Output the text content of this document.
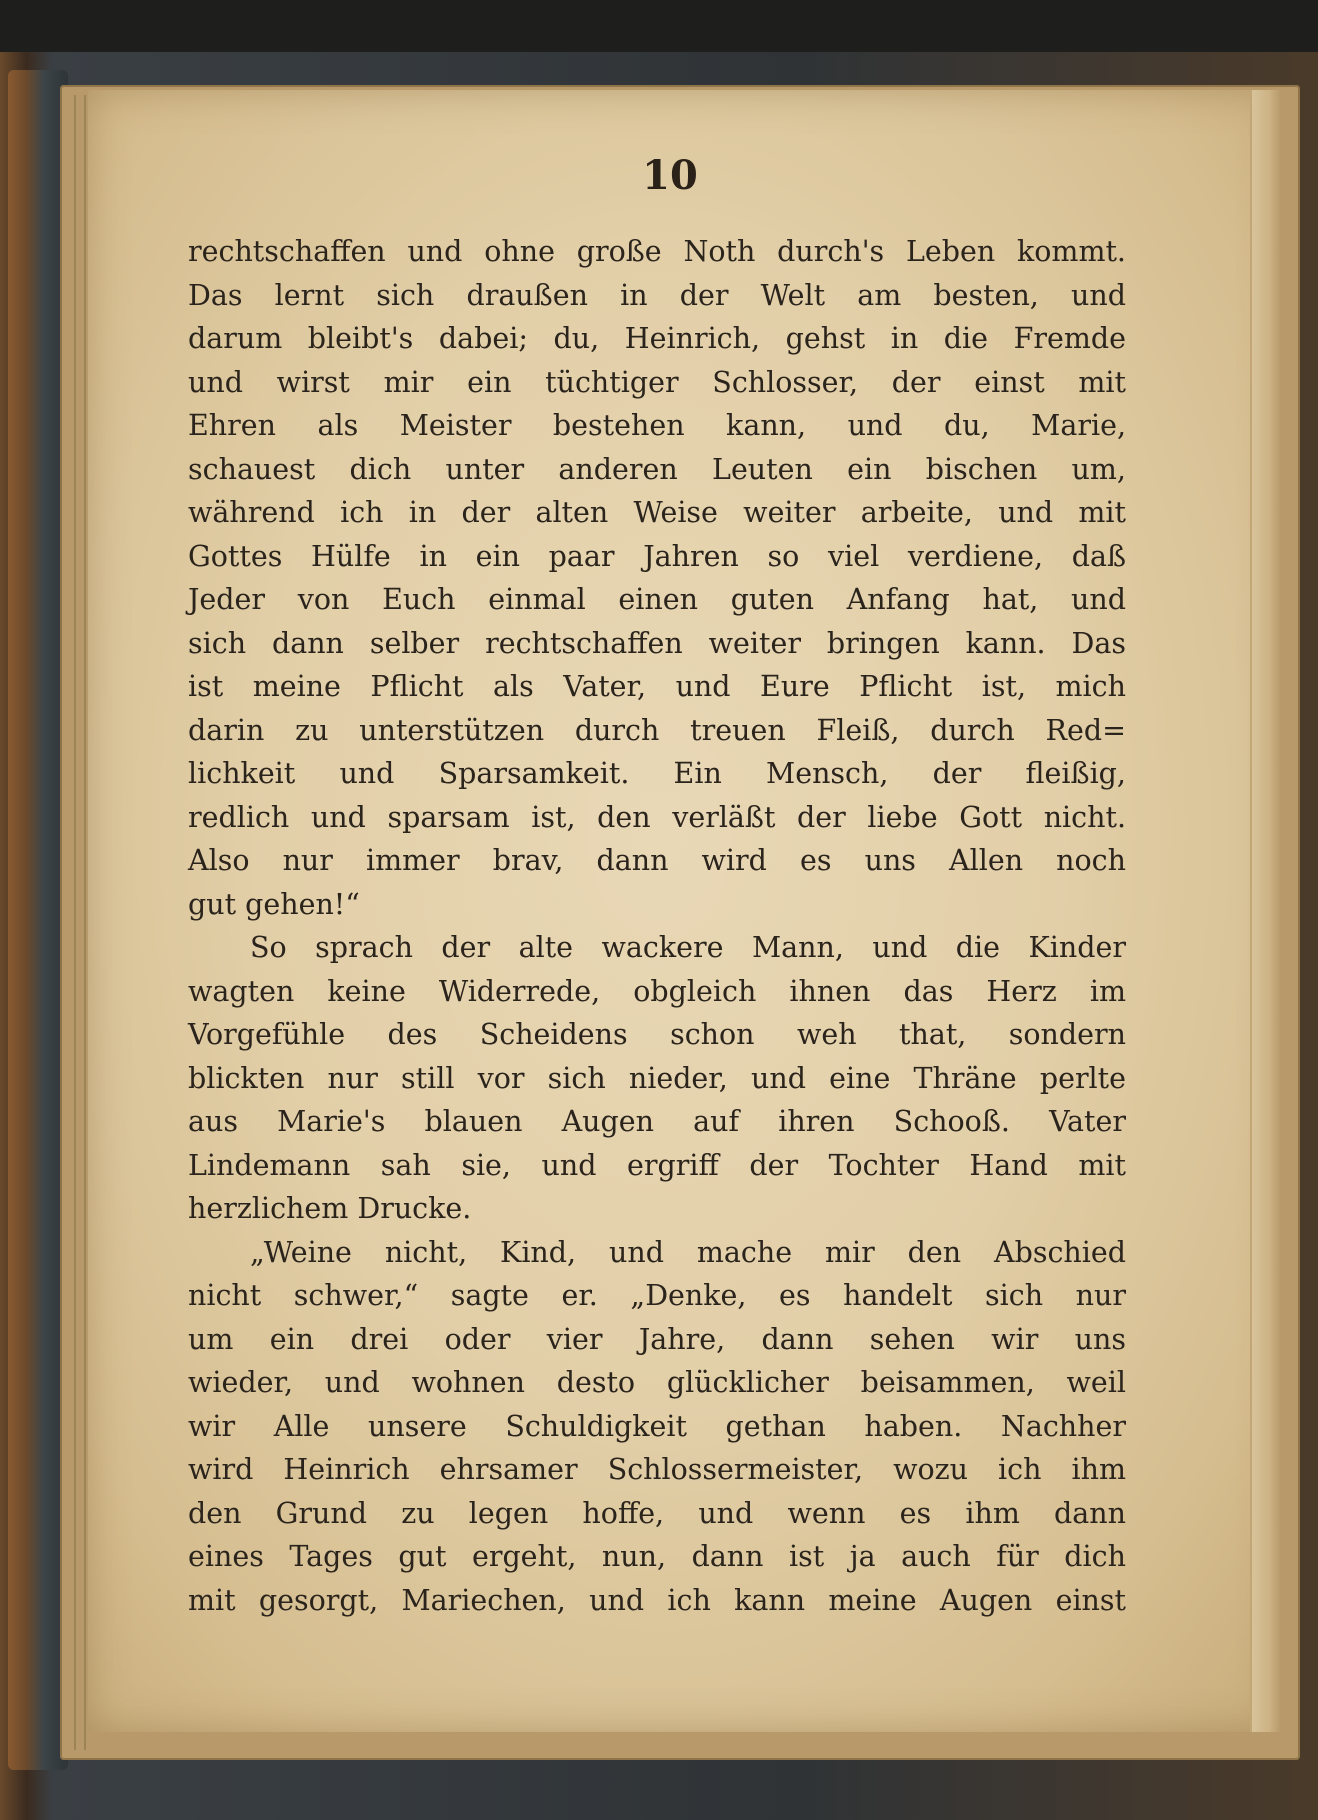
10
rechtschaffen und ohne große Noth durch's Leben kommt.
Das lernt sich draußen in der Welt am besten, und
darum bleibt's dabei; du, Heinrich, gehst in die Fremde
und wirst mir ein tüchtiger Schlosser, der einst mit
Ehren als Meister bestehen kann, und du, Marie,
schauest dich unter anderen Leuten ein bischen um,
während ich in der alten Weise weiter arbeite, und mit
Gottes Hülfe in ein paar Jahren so viel verdiene, daß
Jeder von Euch einmal einen guten Anfang hat, und
sich dann selber rechtschaffen weiter bringen kann. Das
ist meine Pflicht als Vater, und Eure Pflicht ist, mich
darin zu unterstützen durch treuen Fleiß, durch Red=
lichkeit und Sparsamkeit. Ein Mensch, der fleißig,
redlich und sparsam ist, den verläßt der liebe Gott nicht.
Also nur immer brav, dann wird es uns Allen noch
gut gehen!“
So sprach der alte wackere Mann, und die Kinder
wagten keine Widerrede, obgleich ihnen das Herz im
Vorgefühle des Scheidens schon weh that, sondern
blickten nur still vor sich nieder, und eine Thräne perlte
aus Marie's blauen Augen auf ihren Schooß. Vater
Lindemann sah sie, und ergriff der Tochter Hand mit
herzlichem Drucke.
„Weine nicht, Kind, und mache mir den Abschied
nicht schwer,“ sagte er. „Denke, es handelt sich nur
um ein drei oder vier Jahre, dann sehen wir uns
wieder, und wohnen desto glücklicher beisammen, weil
wir Alle unsere Schuldigkeit gethan haben. Nachher
wird Heinrich ehrsamer Schlossermeister, wozu ich ihm
den Grund zu legen hoffe, und wenn es ihm dann
eines Tages gut ergeht, nun, dann ist ja auch für dich
mit gesorgt, Mariechen, und ich kann meine Augen einst
